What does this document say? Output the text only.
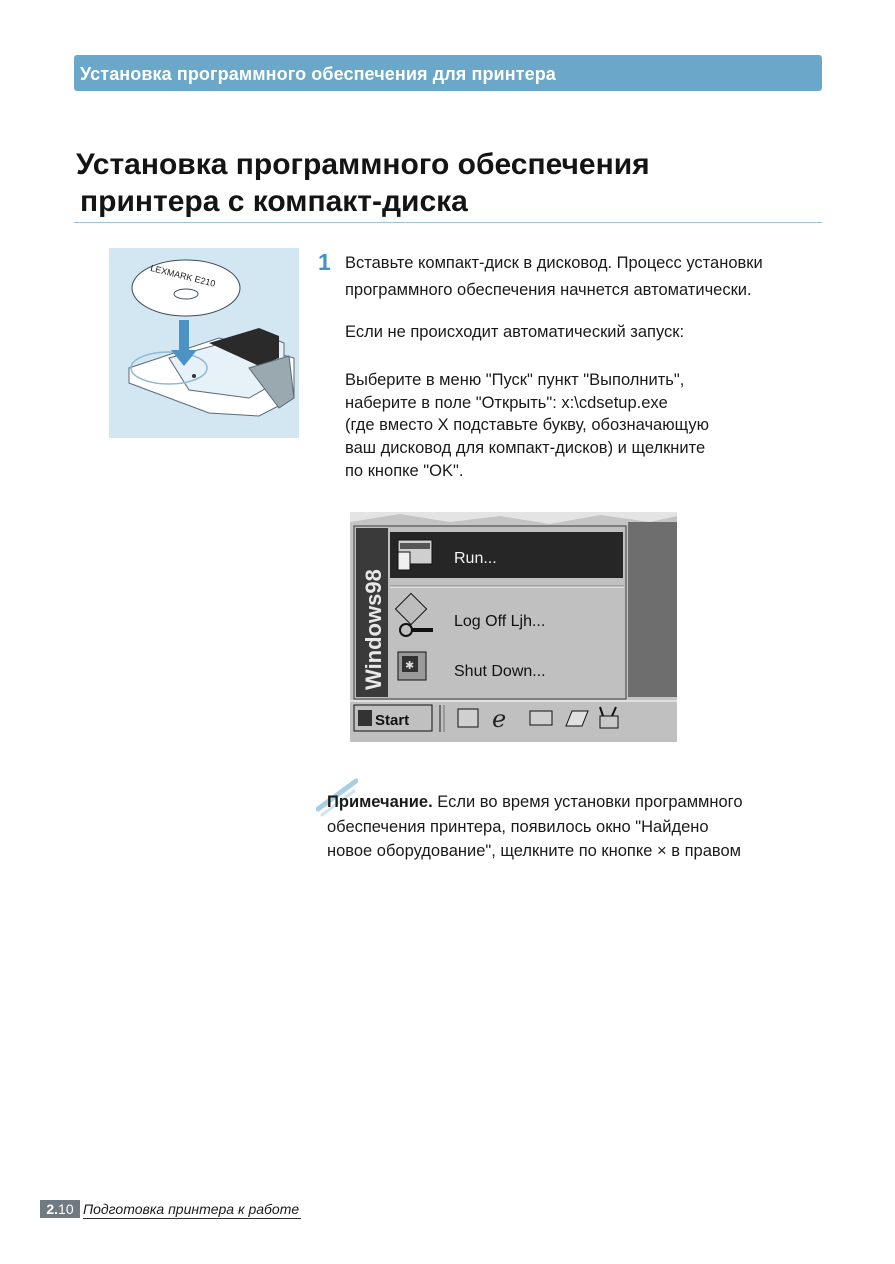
Установка программного обеспечения для принтера
Установка программного обеспечения

принтера с компакт-диска
LEXMARK E210
1 Вставьте компакт-диск в дисковод. Процесс установки
программного обеспечения начнется автоматически.
Если не происходит автоматический запуск:
Выберите в меню "Пуск" пункт "Выполнить",
наберите в поле "Открыть": x:\cdsetup.exe
(где вместо X подставьте букву, обозначающую
ваш дисковод для компакт-дисков) и щелкните
по кнопке "OK".
Windows98
Run...
Log Off Ljh...
✱ Shut Down...
Start	e
Примечание. Если во время установки программного
обеспечения принтера, появилось окно "Найдено
новое оборудование", щелкните по кнопке × в правом
2.10 Подготовка принтера к работе
